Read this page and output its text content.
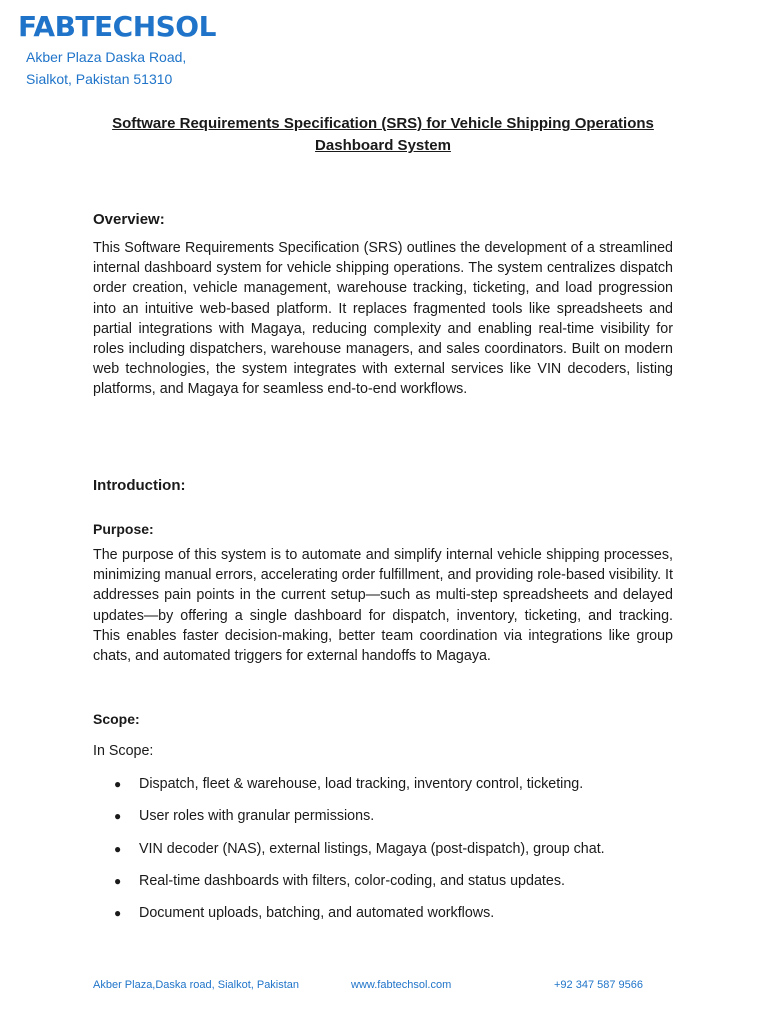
FABTECHSOL
Akber Plaza Daska Road,
Sialkot, Pakistan 51310
Software Requirements Specification (SRS) for Vehicle Shipping Operations
Dashboard System
Overview:
This Software Requirements Specification (SRS) outlines the development of a streamlined internal dashboard system for vehicle shipping operations. The system centralizes dispatch order creation, vehicle management, warehouse tracking, ticketing, and load progression into an intuitive web-based platform. It replaces fragmented tools like spreadsheets and partial integrations with Magaya, reducing complexity and enabling real-time visibility for roles including dispatchers, warehouse managers, and sales coordinators. Built on modern web technologies, the system integrates with external services like VIN decoders, listing platforms, and Magaya for seamless end-to-end workflows.
Introduction:
Purpose:
The purpose of this system is to automate and simplify internal vehicle shipping processes, minimizing manual errors, accelerating order fulfillment, and providing role-based visibility. It addresses pain points in the current setup—such as multi-step spreadsheets and delayed updates—by offering a single dashboard for dispatch, inventory, ticketing, and tracking. This enables faster decision-making, better team coordination via integrations like group chats, and automated triggers for external handoffs to Magaya.
Scope:
In Scope:
● Dispatch, fleet & warehouse, load tracking, inventory control, ticketing.
● User roles with granular permissions.
● VIN decoder (NAS), external listings, Magaya (post-dispatch), group chat.
● Real-time dashboards with filters, color-coding, and status updates.
● Document uploads, batching, and automated workflows.
Akber Plaza,Daska road, Sialkot, Pakistan	www.fabtechsol.com	+92 347 587 9566
